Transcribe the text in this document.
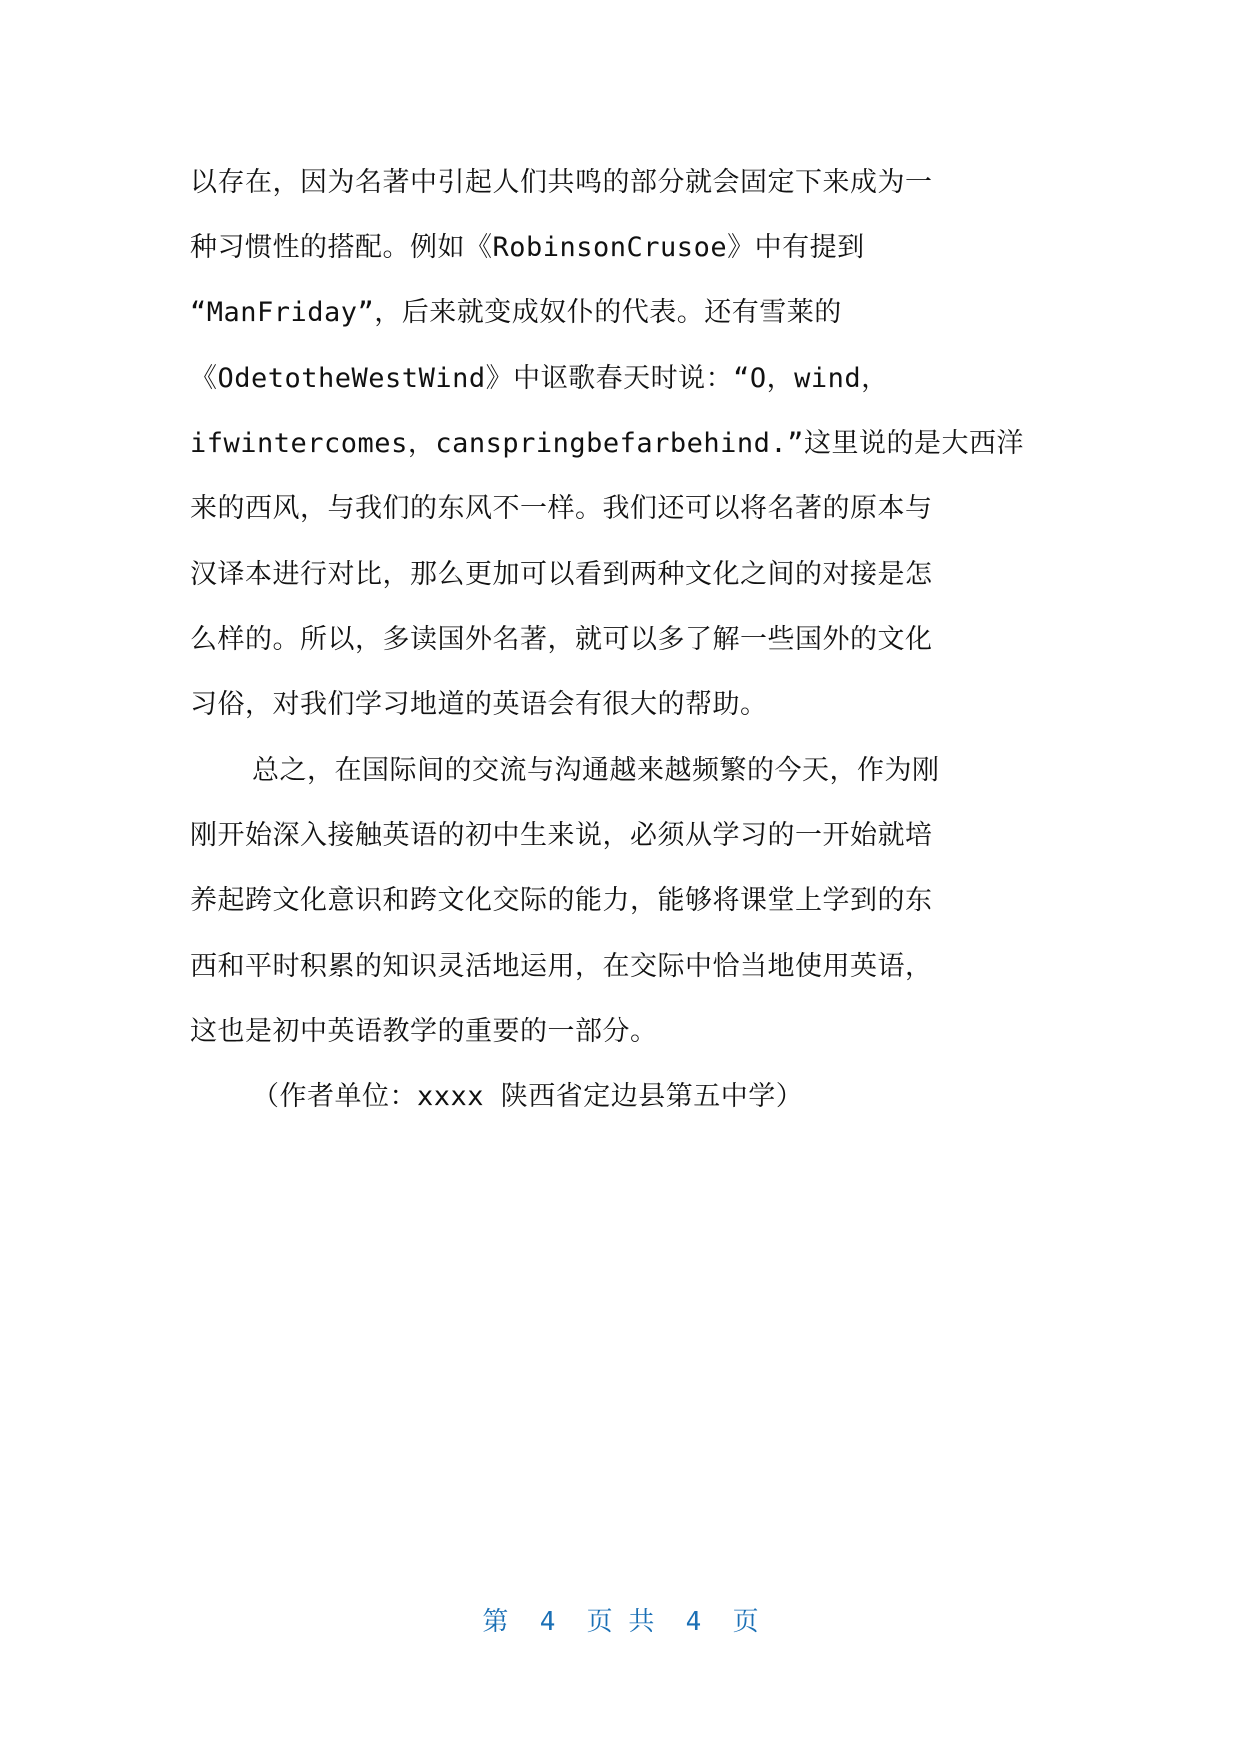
以存在，因为名著中引起人们共鸣的部分就会固定下来成为一
种习惯性的搭配。例如《RobinsonCrusoe》中有提到
“ManFriday”，后来就变成奴仆的代表。还有雪莱的
《OdetotheWestWind》中讴歌春天时说：“O，wind，
ifwintercomes，canspringbefarbehind.”这里说的是大西洋
来的西风，与我们的东风不一样。我们还可以将名著的原本与
汉译本进行对比，那么更加可以看到两种文化之间的对接是怎
么样的。所以，多读国外名著，就可以多了解一些国外的文化
习俗，对我们学习地道的英语会有很大的帮助。
总之，在国际间的交流与沟通越来越频繁的今天，作为刚
刚开始深入接触英语的初中生来说，必须从学习的一开始就培
养起跨文化意识和跨文化交际的能力，能够将课堂上学到的东
西和平时积累的知识灵活地运用，在交际中恰当地使用英语，
这也是初中英语教学的重要的一部分。
（作者单位：xxxx 陕西省定边县第五中学）
第  4  页 共  4  页
